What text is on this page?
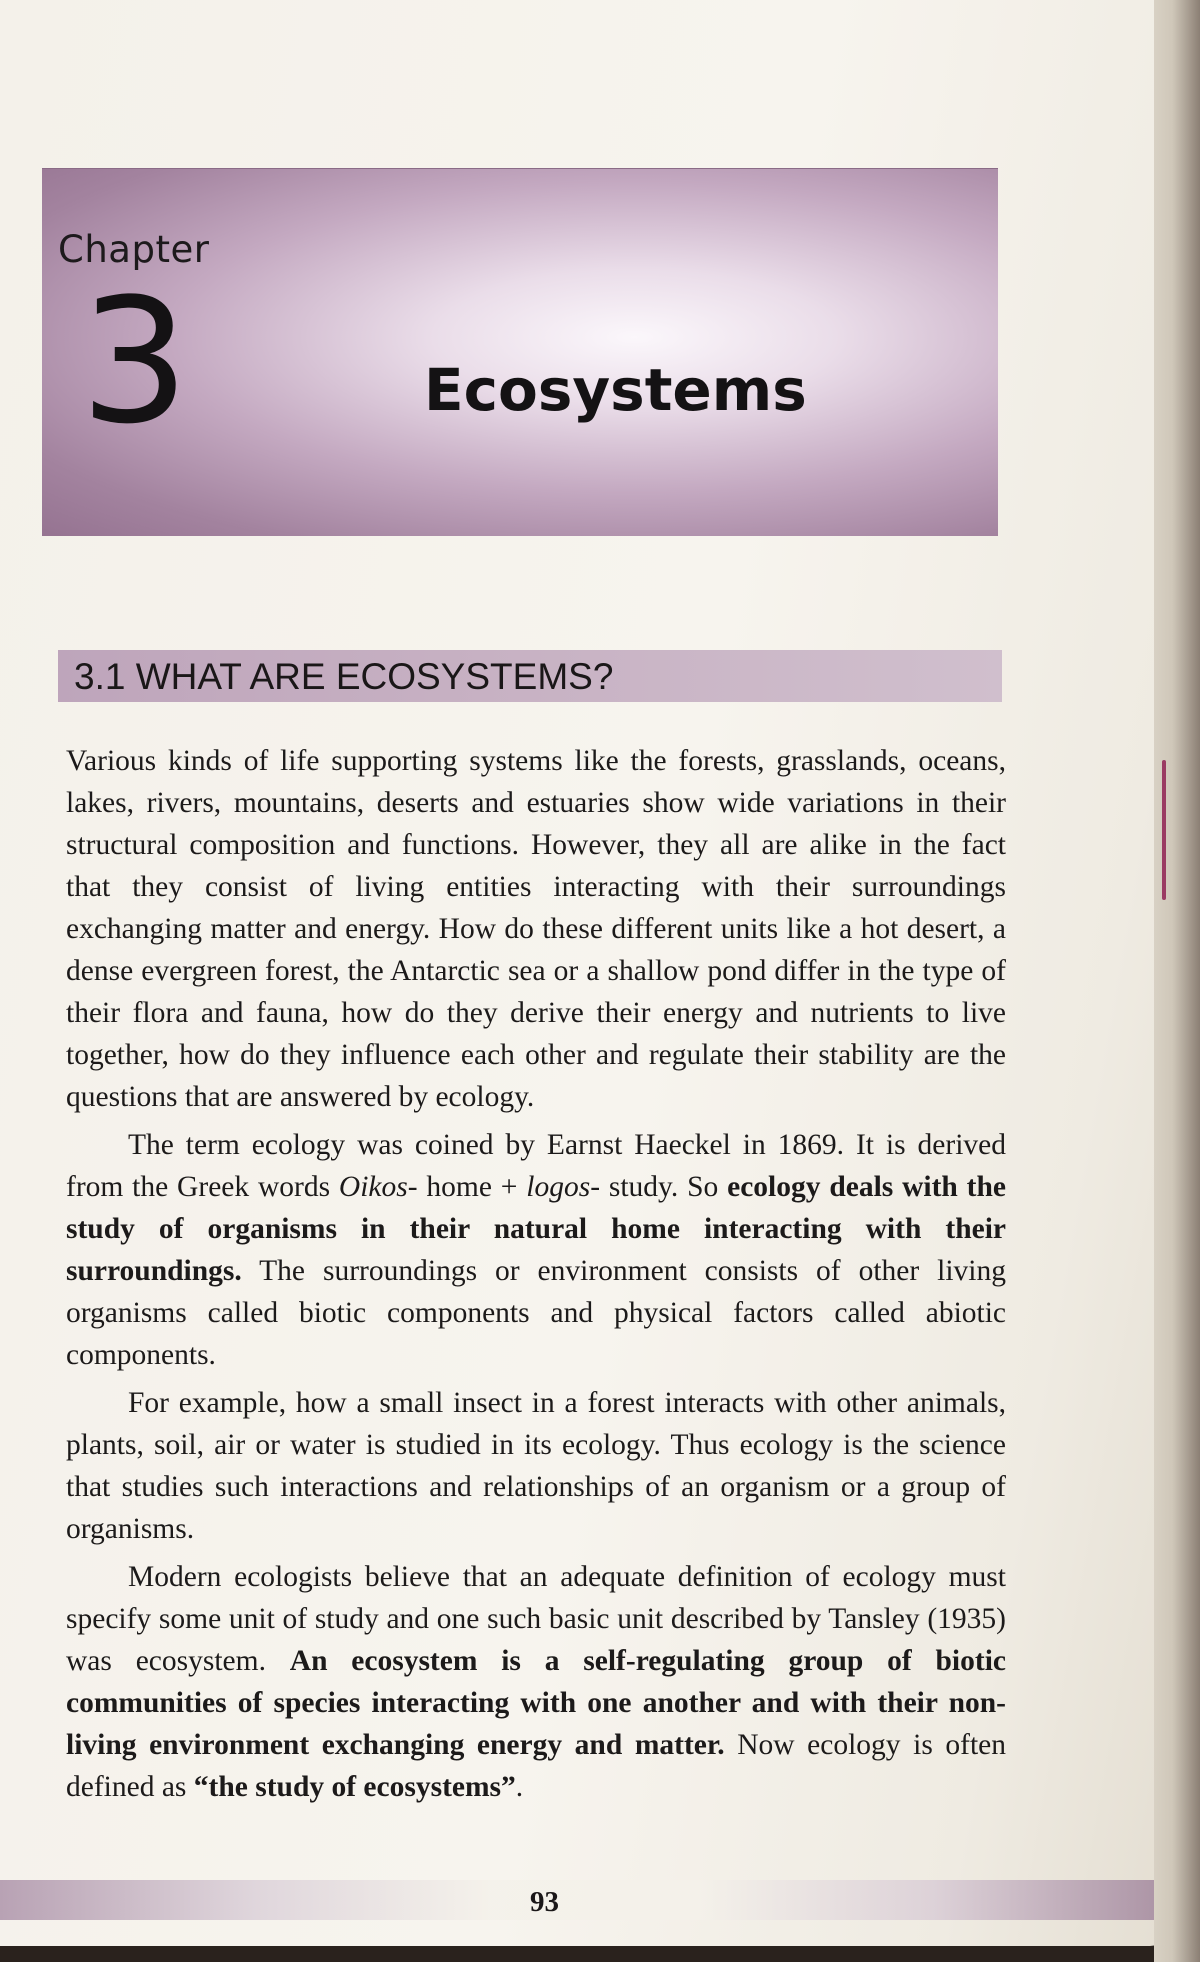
Chapter
3	Ecosystems
3.1 WHAT ARE ECOSYSTEMS?

Various kinds of life supporting systems like the forests, grasslands, oceans, lakes, rivers, mountains, deserts and estuaries show wide variations in their structural composition and functions. However, they all are alike in the fact that they consist of living entities interacting with their surroundings exchanging matter and energy. How do these different units like a hot desert, a dense evergreen forest, the Antarctic sea or a shallow pond differ in the type of their flora and fauna, how do they derive their energy and nutrients to live together, how do they influence each other and regulate their stability are the questions that are answered by ecology.

The term ecology was coined by Earnst Haeckel in 1869. It is derived from the Greek words Oikos- home + logos- study. So ecology deals with the study of organisms in their natural home interacting with their surroundings. The surroundings or environment consists of other living organisms called biotic components and physical factors called abiotic components.

For example, how a small insect in a forest interacts with other animals, plants, soil, air or water is studied in its ecology. Thus ecology is the science that studies such interactions and relationships of an organism or a group of organisms.

Modern ecologists believe that an adequate definition of ecology must specify some unit of study and one such basic unit described by Tansley (1935) was ecosystem. An ecosystem is a self-regulating group of biotic communities of species interacting with one another and with their non-living environment exchanging energy and matter. Now ecology is often defined as “the study of ecosystems”.

93
